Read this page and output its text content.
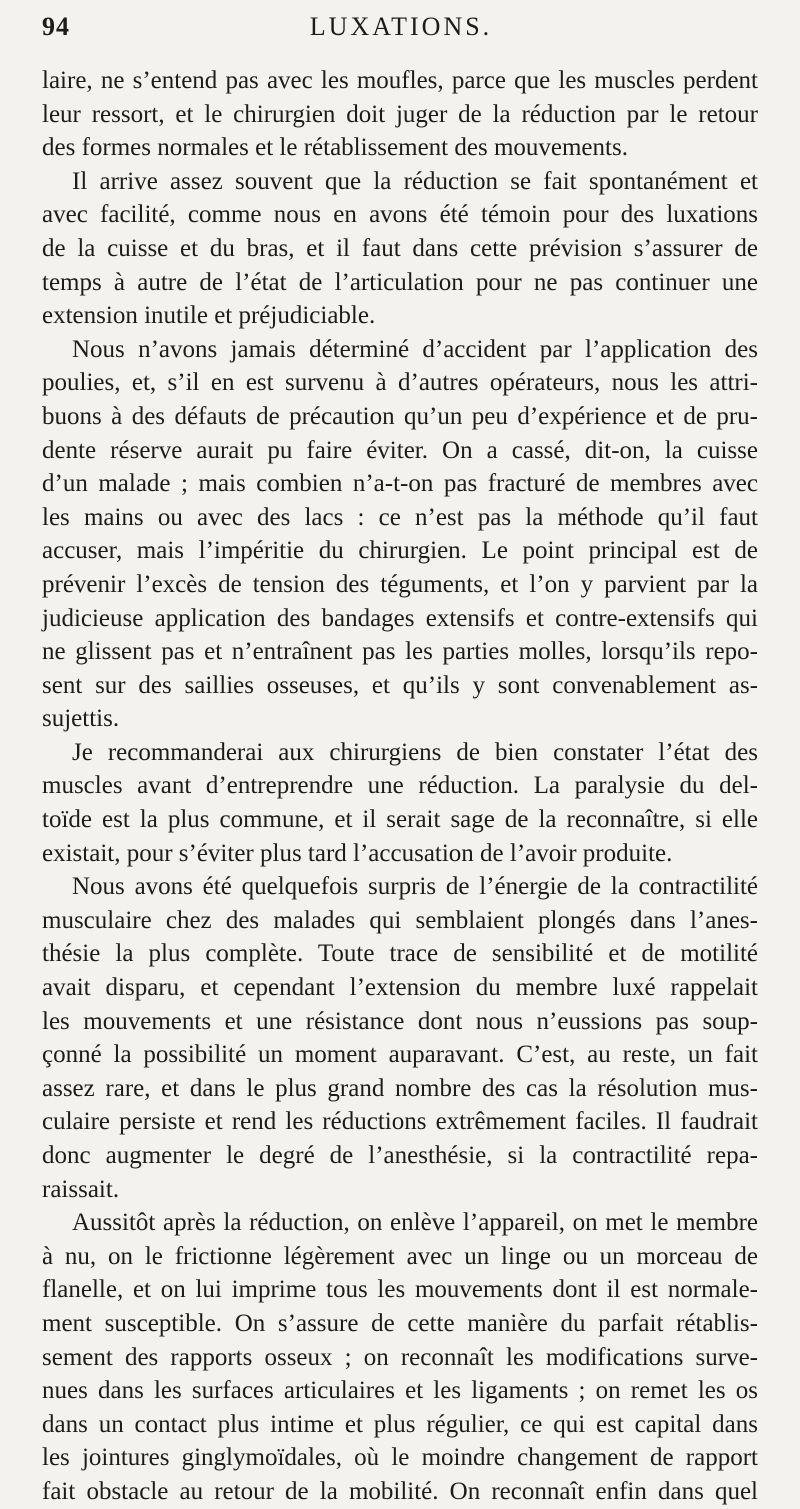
94	LUXATIONS.
laire, ne s’entend pas avec les moufles, parce que les muscles perdent
leur ressort, et le chirurgien doit juger de la réduction par le retour
des formes normales et le rétablissement des mouvements.
Il arrive assez souvent que la réduction se fait spontanément et
avec facilité, comme nous en avons été témoin pour des luxations
de la cuisse et du bras, et il faut dans cette prévision s’assurer de
temps à autre de l’état de l’articulation pour ne pas continuer une
extension inutile et préjudiciable.
Nous n’avons jamais déterminé d’accident par l’application des
poulies, et, s’il en est survenu à d’autres opérateurs, nous les attri-
buons à des défauts de précaution qu’un peu d’expérience et de pru-
dente réserve aurait pu faire éviter. On a cassé, dit-on, la cuisse
d’un malade ; mais combien n’a-t-on pas fracturé de membres avec
les mains ou avec des lacs : ce n’est pas la méthode qu’il faut
accuser, mais l’impéritie du chirurgien. Le point principal est de
prévenir l’excès de tension des téguments, et l’on y parvient par la
judicieuse application des bandages extensifs et contre-extensifs qui
ne glissent pas et n’entraînent pas les parties molles, lorsqu’ils repo-
sent sur des saillies osseuses, et qu’ils y sont convenablement as-
sujettis.
Je recommanderai aux chirurgiens de bien constater l’état des
muscles avant d’entreprendre une réduction. La paralysie du del-
toïde est la plus commune, et il serait sage de la reconnaître, si elle
existait, pour s’éviter plus tard l’accusation de l’avoir produite.
Nous avons été quelquefois surpris de l’énergie de la contractilité
musculaire chez des malades qui semblaient plongés dans l’anes-
thésie la plus complète. Toute trace de sensibilité et de motilité
avait disparu, et cependant l’extension du membre luxé rappelait
les mouvements et une résistance dont nous n’eussions pas soup-
çonné la possibilité un moment auparavant. C’est, au reste, un fait
assez rare, et dans le plus grand nombre des cas la résolution mus-
culaire persiste et rend les réductions extrêmement faciles. Il faudrait
donc augmenter le degré de l’anesthésie, si la contractilité repa-
raissait.
Aussitôt après la réduction, on enlève l’appareil, on met le membre
à nu, on le frictionne légèrement avec un linge ou un morceau de
flanelle, et on lui imprime tous les mouvements dont il est normale-
ment susceptible. On s’assure de cette manière du parfait rétablis-
sement des rapports osseux ; on reconnaît les modifications surve-
nues dans les surfaces articulaires et les ligaments ; on remet les os
dans un contact plus intime et plus régulier, ce qui est capital dans
les jointures ginglymoïdales, où le moindre changement de rapport
fait obstacle au retour de la mobilité. On reconnaît enfin dans quel
